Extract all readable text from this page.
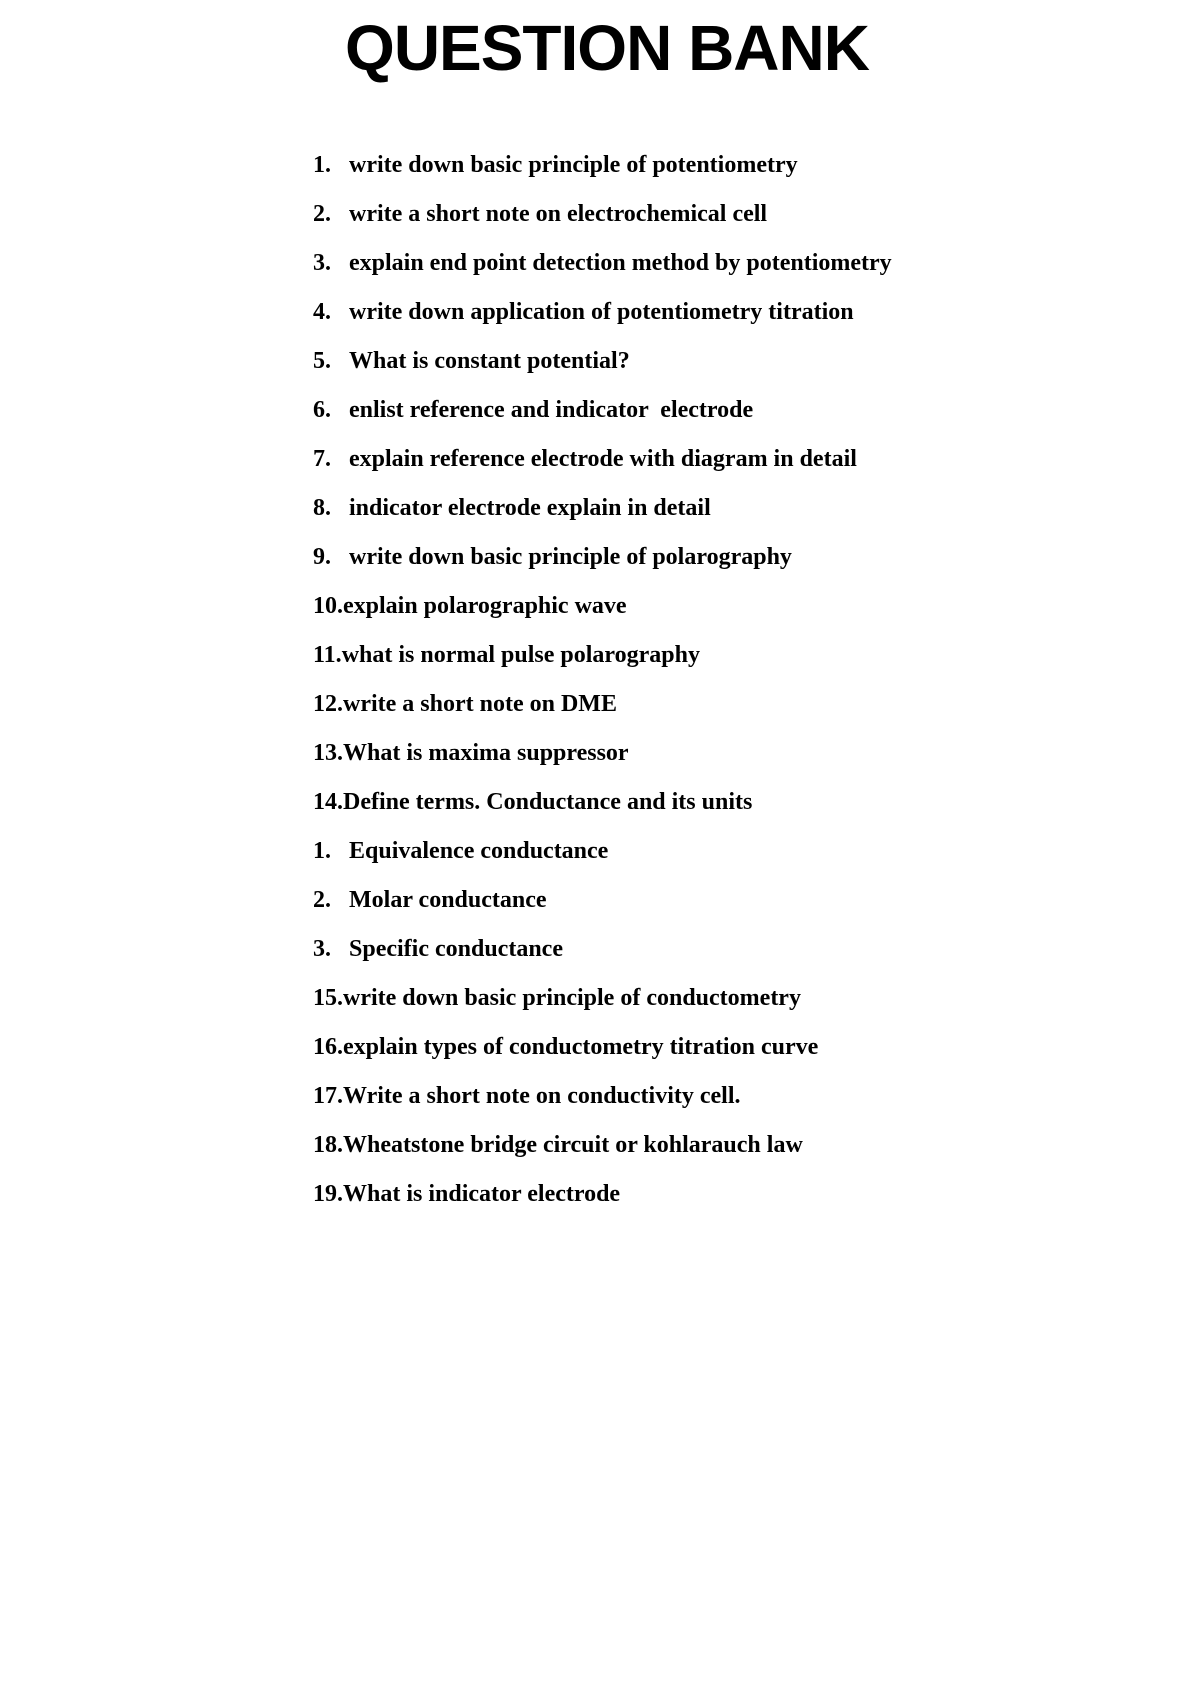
QUESTION BANK
1. write down basic principle of potentiometry
2. write a short note on electrochemical cell
3. explain end point detection method by potentiometry
4. write down application of potentiometry titration
5. What is constant potential?
6. enlist reference and indicator  electrode
7. explain reference electrode with diagram in detail
8. indicator electrode explain in detail
9. write down basic principle of polarography
10. explain polarographic wave
11. what is normal pulse polarography
12. write a short note on DME
13. What is maxima suppressor
14. Define terms. Conductance and its units
1. Equivalence conductance
2. Molar conductance
3. Specific conductance
15. write down basic principle of conductometry
16. explain types of conductometry titration curve
17. Write a short note on conductivity cell.
18. Wheatstone bridge circuit or kohlarauch law
19. What is indicator electrode
